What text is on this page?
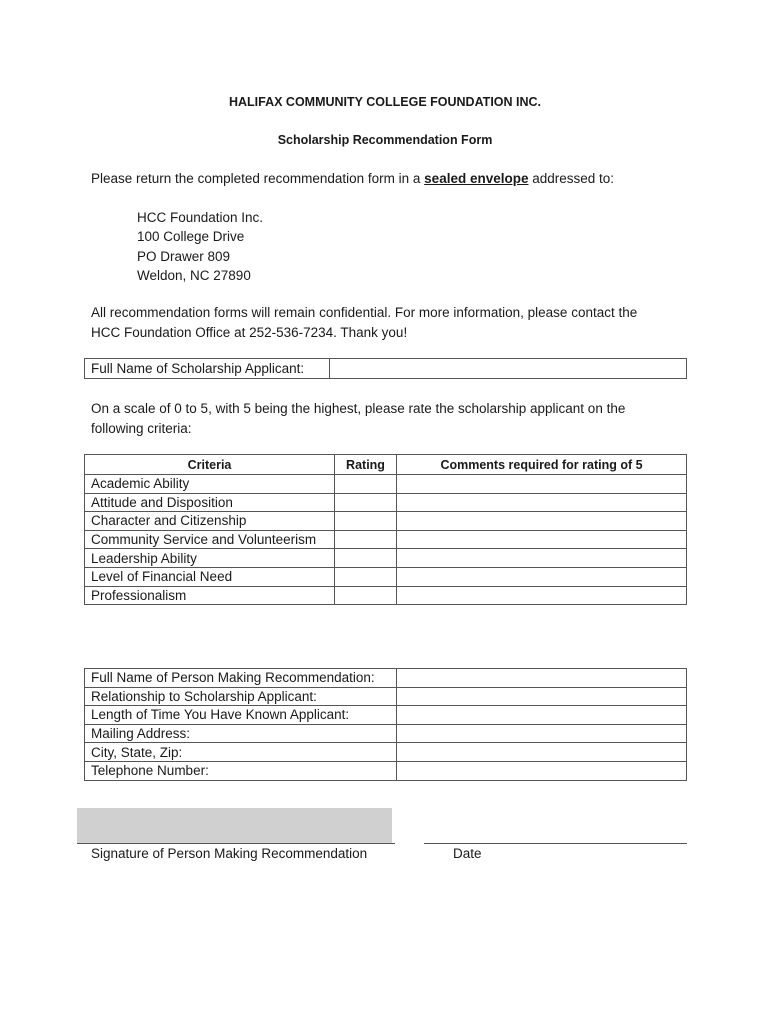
HALIFAX COMMUNITY COLLEGE FOUNDATION INC.
Scholarship Recommendation Form
Please return the completed recommendation form in a sealed envelope addressed to:
HCC Foundation Inc.
100 College Drive
PO Drawer 809
Weldon, NC 27890
All recommendation forms will remain confidential. For more information, please contact the
HCC Foundation Office at 252-536-7234. Thank you!
Full Name of Scholarship Applicant:	
On a scale of 0 to 5, with 5 being the highest, please rate the scholarship applicant on the
following criteria:
Criteria	Rating	Comments required for rating of 5
Academic Ability		
Attitude and Disposition		
Character and Citizenship		
Community Service and Volunteerism		
Leadership Ability		
Level of Financial Need		
Professionalism		
Full Name of Person Making Recommendation:	
Relationship to Scholarship Applicant:	
Length of Time You Have Known Applicant:	
Mailing Address:	
City, State, Zip:	
Telephone Number:	
Signature of Person Making Recommendation	Date
